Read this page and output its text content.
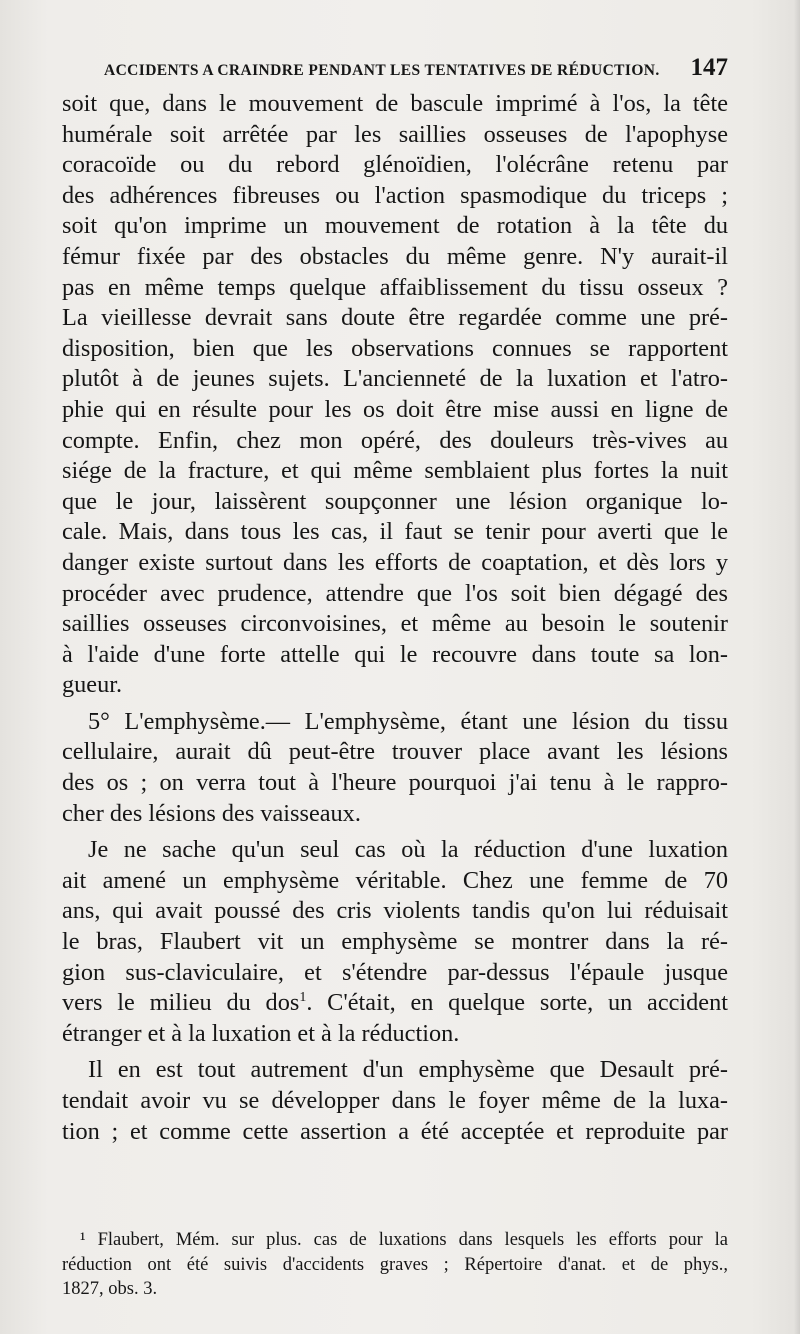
ACCIDENTS A CRAINDRE PENDANT LES TENTATIVES DE RÉDUCTION. 147
soit que, dans le mouvement de bascule imprimé à l'os, la tête
humérale soit arrêtée par les saillies osseuses de l'apophyse
coracoïde ou du rebord glénoïdien, l'olécrâne retenu par
des adhérences fibreuses ou l'action spasmodique du triceps ;
soit qu'on imprime un mouvement de rotation à la tête du
fémur fixée par des obstacles du même genre. N'y aurait-il
pas en même temps quelque affaiblissement du tissu osseux ?
La vieillesse devrait sans doute être regardée comme une pré-
disposition, bien que les observations connues se rapportent
plutôt à de jeunes sujets. L'ancienneté de la luxation et l'atro-
phie qui en résulte pour les os doit être mise aussi en ligne de
compte. Enfin, chez mon opéré, des douleurs très-vives au
siége de la fracture, et qui même semblaient plus fortes la nuit
que le jour, laissèrent soupçonner une lésion organique lo-
cale. Mais, dans tous les cas, il faut se tenir pour averti que le
danger existe surtout dans les efforts de coaptation, et dès lors y
procéder avec prudence, attendre que l'os soit bien dégagé des
saillies osseuses circonvoisines, et même au besoin le soutenir
à l'aide d'une forte attelle qui le recouvre dans toute sa lon-
gueur.
5° L'emphysème.— L'emphysème, étant une lésion du tissu
cellulaire, aurait dû peut-être trouver place avant les lésions
des os ; on verra tout à l'heure pourquoi j'ai tenu à le rappro-
cher des lésions des vaisseaux.
Je ne sache qu'un seul cas où la réduction d'une luxation
ait amené un emphysème véritable. Chez une femme de 70
ans, qui avait poussé des cris violents tandis qu'on lui réduisait
le bras, Flaubert vit un emphysème se montrer dans la ré-
gion sus-claviculaire, et s'étendre par-dessus l'épaule jusque
vers le milieu du dos$^1$. C'était, en quelque sorte, un accident
étranger et à la luxation et à la réduction.
Il en est tout autrement d'un emphysème que Desault pré-
tendait avoir vu se développer dans le foyer même de la luxa-
tion ; et comme cette assertion a été acceptée et reproduite par
¹ Flaubert, Mém. sur plus. cas de luxations dans lesquels les efforts pour la
réduction ont été suivis d'accidents graves ; Répertoire d'anat. et de phys.,
1827, obs. 3.
